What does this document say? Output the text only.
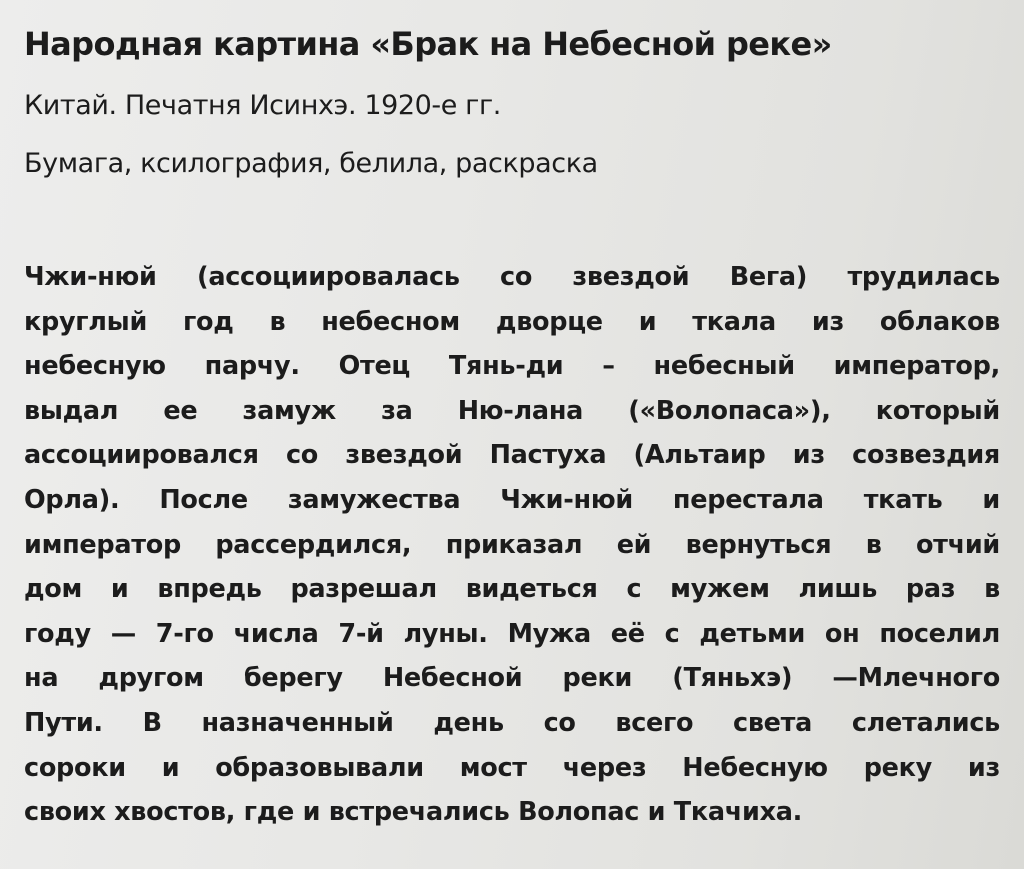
Народная картина «Брак на Небесной реке»
Китай. Печатня Исинхэ. 1920-е гг.
Бумага, ксилография, белила, раскраска
Чжи-нюй (ассоциировалась со звездой Вега) трудилась
круглый год в небесном дворце и ткала из облаков
небесную парчу. Отец Тянь-ди – небесный император,
выдал ее замуж за Ню-лана («Волопаса»), который
ассоциировался со звездой Пастуха (Альтаир из созвездия
Орла). После замужества Чжи-нюй перестала ткать и
император рассердился, приказал ей вернуться в отчий
дом и впредь разрешал видеться с мужем лишь раз в
году — 7-го числа 7-й луны. Мужа её с детьми он поселил
на другом берегу Небесной реки (Тяньхэ) —Млечного
Пути. В назначенный день со всего света слетались
сороки и образовывали мост через Небесную реку из
своих хвостов, где и встречались Волопас и Ткачиха.
